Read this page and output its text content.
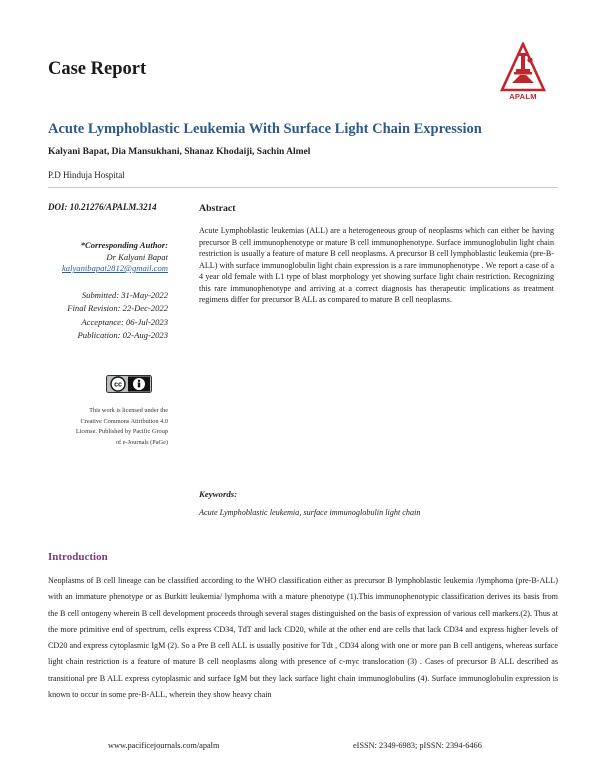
Case Report
APALM
Acute Lymphoblastic Leukemia With Surface Light Chain Expression
Kalyani Bapat, Dia Mansukhani, Shanaz Khodaiji, Sachin Almel
P.D Hinduja Hospital
DOI: 10.21276/APALM.3214
*Corresponding Author:
Dr Kalyani Bapat
kalyanibapat2812@gmail.com
Submitted: 31-May-2022
Final Revision: 22-Dec-2022
Acceptance: 06-Jul-2023
Publication: 02-Aug-2023
cc
This work is licensed under the
Creative Commons Attribution 4.0
License. Published by Pacific Group
of e-Journals (PaGe)
Abstract
Acute Lymphoblastic leukemias (ALL) are a heterogeneous group of neoplasms which can either be having precursor B cell immunophenotype or mature B cell immunophenotype. Surface immunoglobulin light chain restriction is usually a feature of mature B cell neoplasms. A precursor B cell lymphoblastic leukemia (pre-B-ALL) with surface immunoglobulin light chain expression is a rare immunophenotype . We report a case of a 4 year old female with L1 type of blast morphology yet showing surface light chain restriction. Recognizing this rare immunophenotype and arriving at a correct diagnosis has therapeutic implications as treatment regimens differ for precursor B ALL as compared to mature B cell neoplasms.
Keywords:
Acute Lymphoblastic leukemia, surface immunoglobulin light chain
Introduction
Neoplasms of B cell lineage can be classified according to the WHO classification either as precursor B lymphoblastic leukemia /lymphoma (pre-B-ALL) with an immature phenotype or as Burkitt leukemia/ lymphoma with a mature phenotype (1).This immunophenotypic classification derives its basis from the B cell ontogeny wherein B cell development proceeds through several stages distinguished on the basis of expression of various cell markers.(2). Thus at the more primitive end of spectrum, cells express CD34, TdT and lack CD20, while at the other end are cells that lack CD34 and express higher levels of CD20 and express cytoplasmic IgM (2). So a Pre B cell ALL is usually positive for Tdt , CD34 along with one or more pan B cell antigens, whereas surface light chain restriction is a feature of mature B cell neoplasms along with presence of c-myc translocation (3) . Cases of precursor B ALL described as transitional pre B ALL express cytoplasmic and surface IgM but they lack surface light chain immunoglobulins (4). Surface immunoglobulin expression is known to occur in some pre-B-ALL, wherein they show heavy chain
www.pacificejournals.com/apalm	eISSN: 2349-6983; pISSN: 2394-6466
